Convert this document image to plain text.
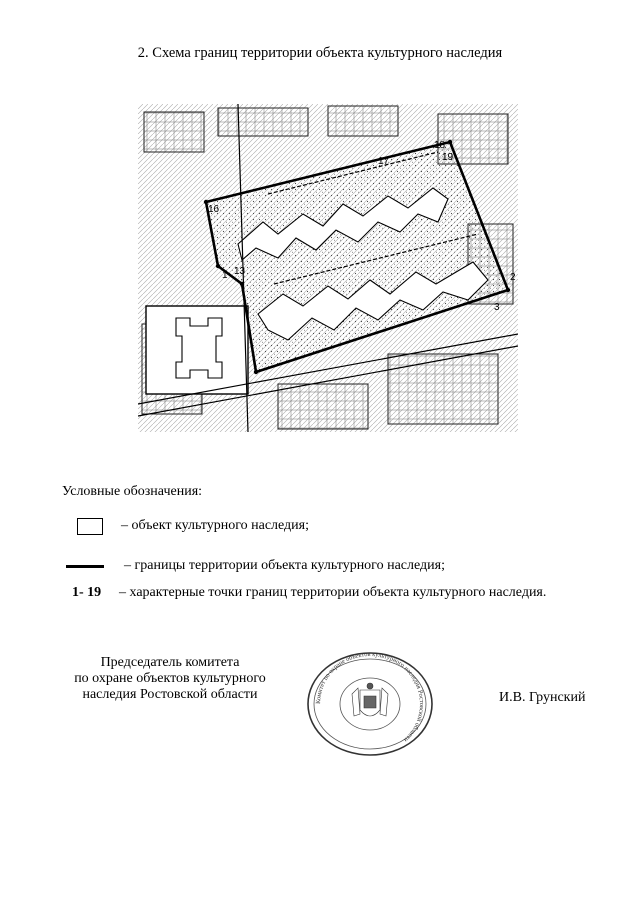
2. Схема границ территории объекта культурного наследия
16
17
18
19
1
3
13
2
Условные обозначения:
– объект культурного наследия;
– границы территории объекта культурного наследия;
1- 19 – характерные точки границ территории объекта культурного наследия.
Председатель комитета
по охране объектов культурного
наследия Ростовской области
Комитет по охране объектов культурного наследия Ростовской области
И.В. Грунский
